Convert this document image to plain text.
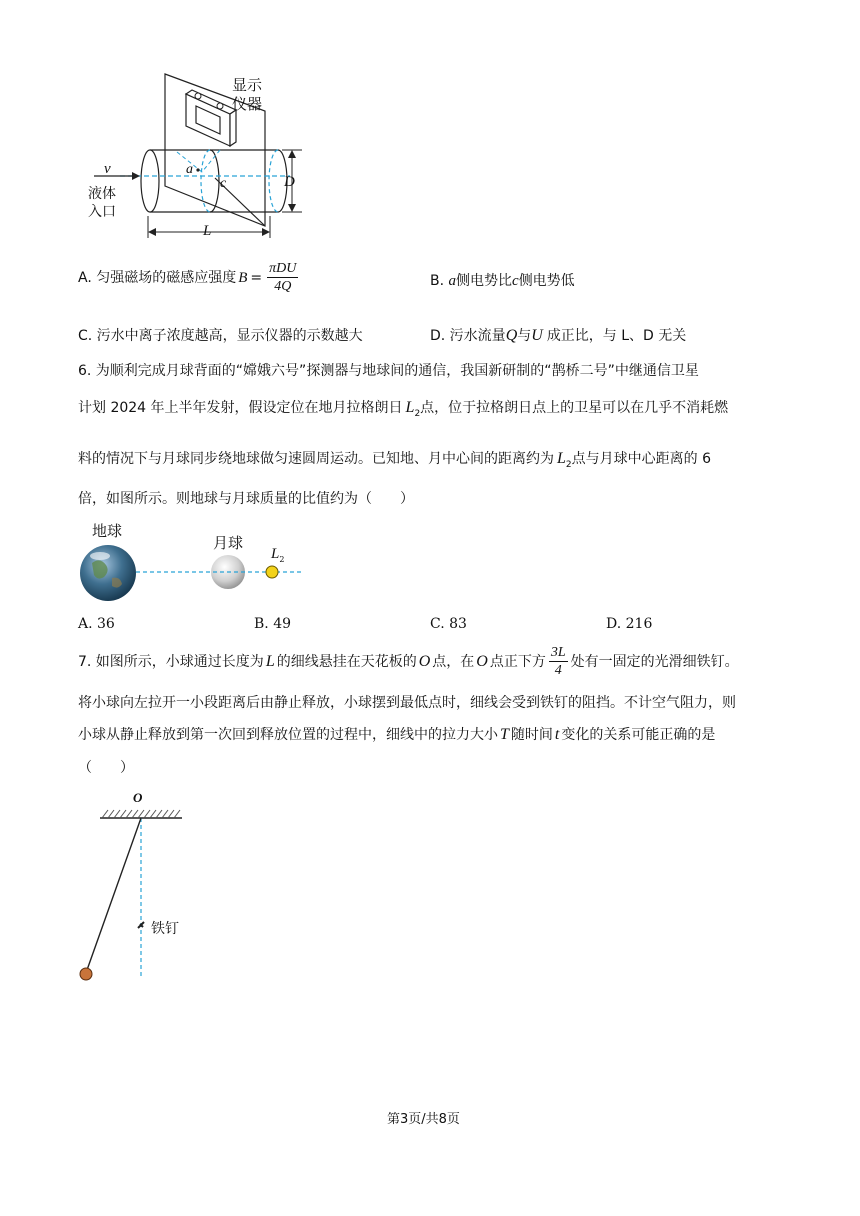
显示
仪器
v	a
c	D
L
液体
入口
A. 匀强磁场的磁感应强度 $B = \frac{\text{πDU}}{4Q}$	B. a侧电势比c侧电势低
C. 污水中离子浓度越高，显示仪器的示数越大	D. 污水流量Q与U 成正比，与 L、D 无关
6. 为顺利完成月球背面的“嫦娥六号”探测器与地球间的通信，我国新研制的“鹊桥二号”中继通信卫星
计划 2024 年上半年发射，假设定位在地月拉格朗日 $L_2$点，位于拉格朗日点上的卫星可以在几乎不消耗燃
料的情况下与月球同步绕地球做匀速圆周运动。已知地、月中心间的距离约为 $L_2$点与月球中心距离的 6
倍，如图所示。则地球与月球质量的比值约为（　　）
地球
月球
$L_2$
A. 36	B. 49	C. 83	D. 216
7. 如图所示，小球通过长度为 L 的细线悬挂在天花板的 O 点，在 O 点正下方 $\frac{3L}{4}$ 处有一固定的光滑细铁钉。
将小球向左拉开一小段距离后由静止释放，小球摆到最低点时，细线会受到铁钉的阻挡。不计空气阻力，则
小球从静止释放到第一次回到释放位置的过程中，细线中的拉力大小 T 随时间 t 变化的关系可能正确的是
（　　）
O
铁钉
第3页/共8页
